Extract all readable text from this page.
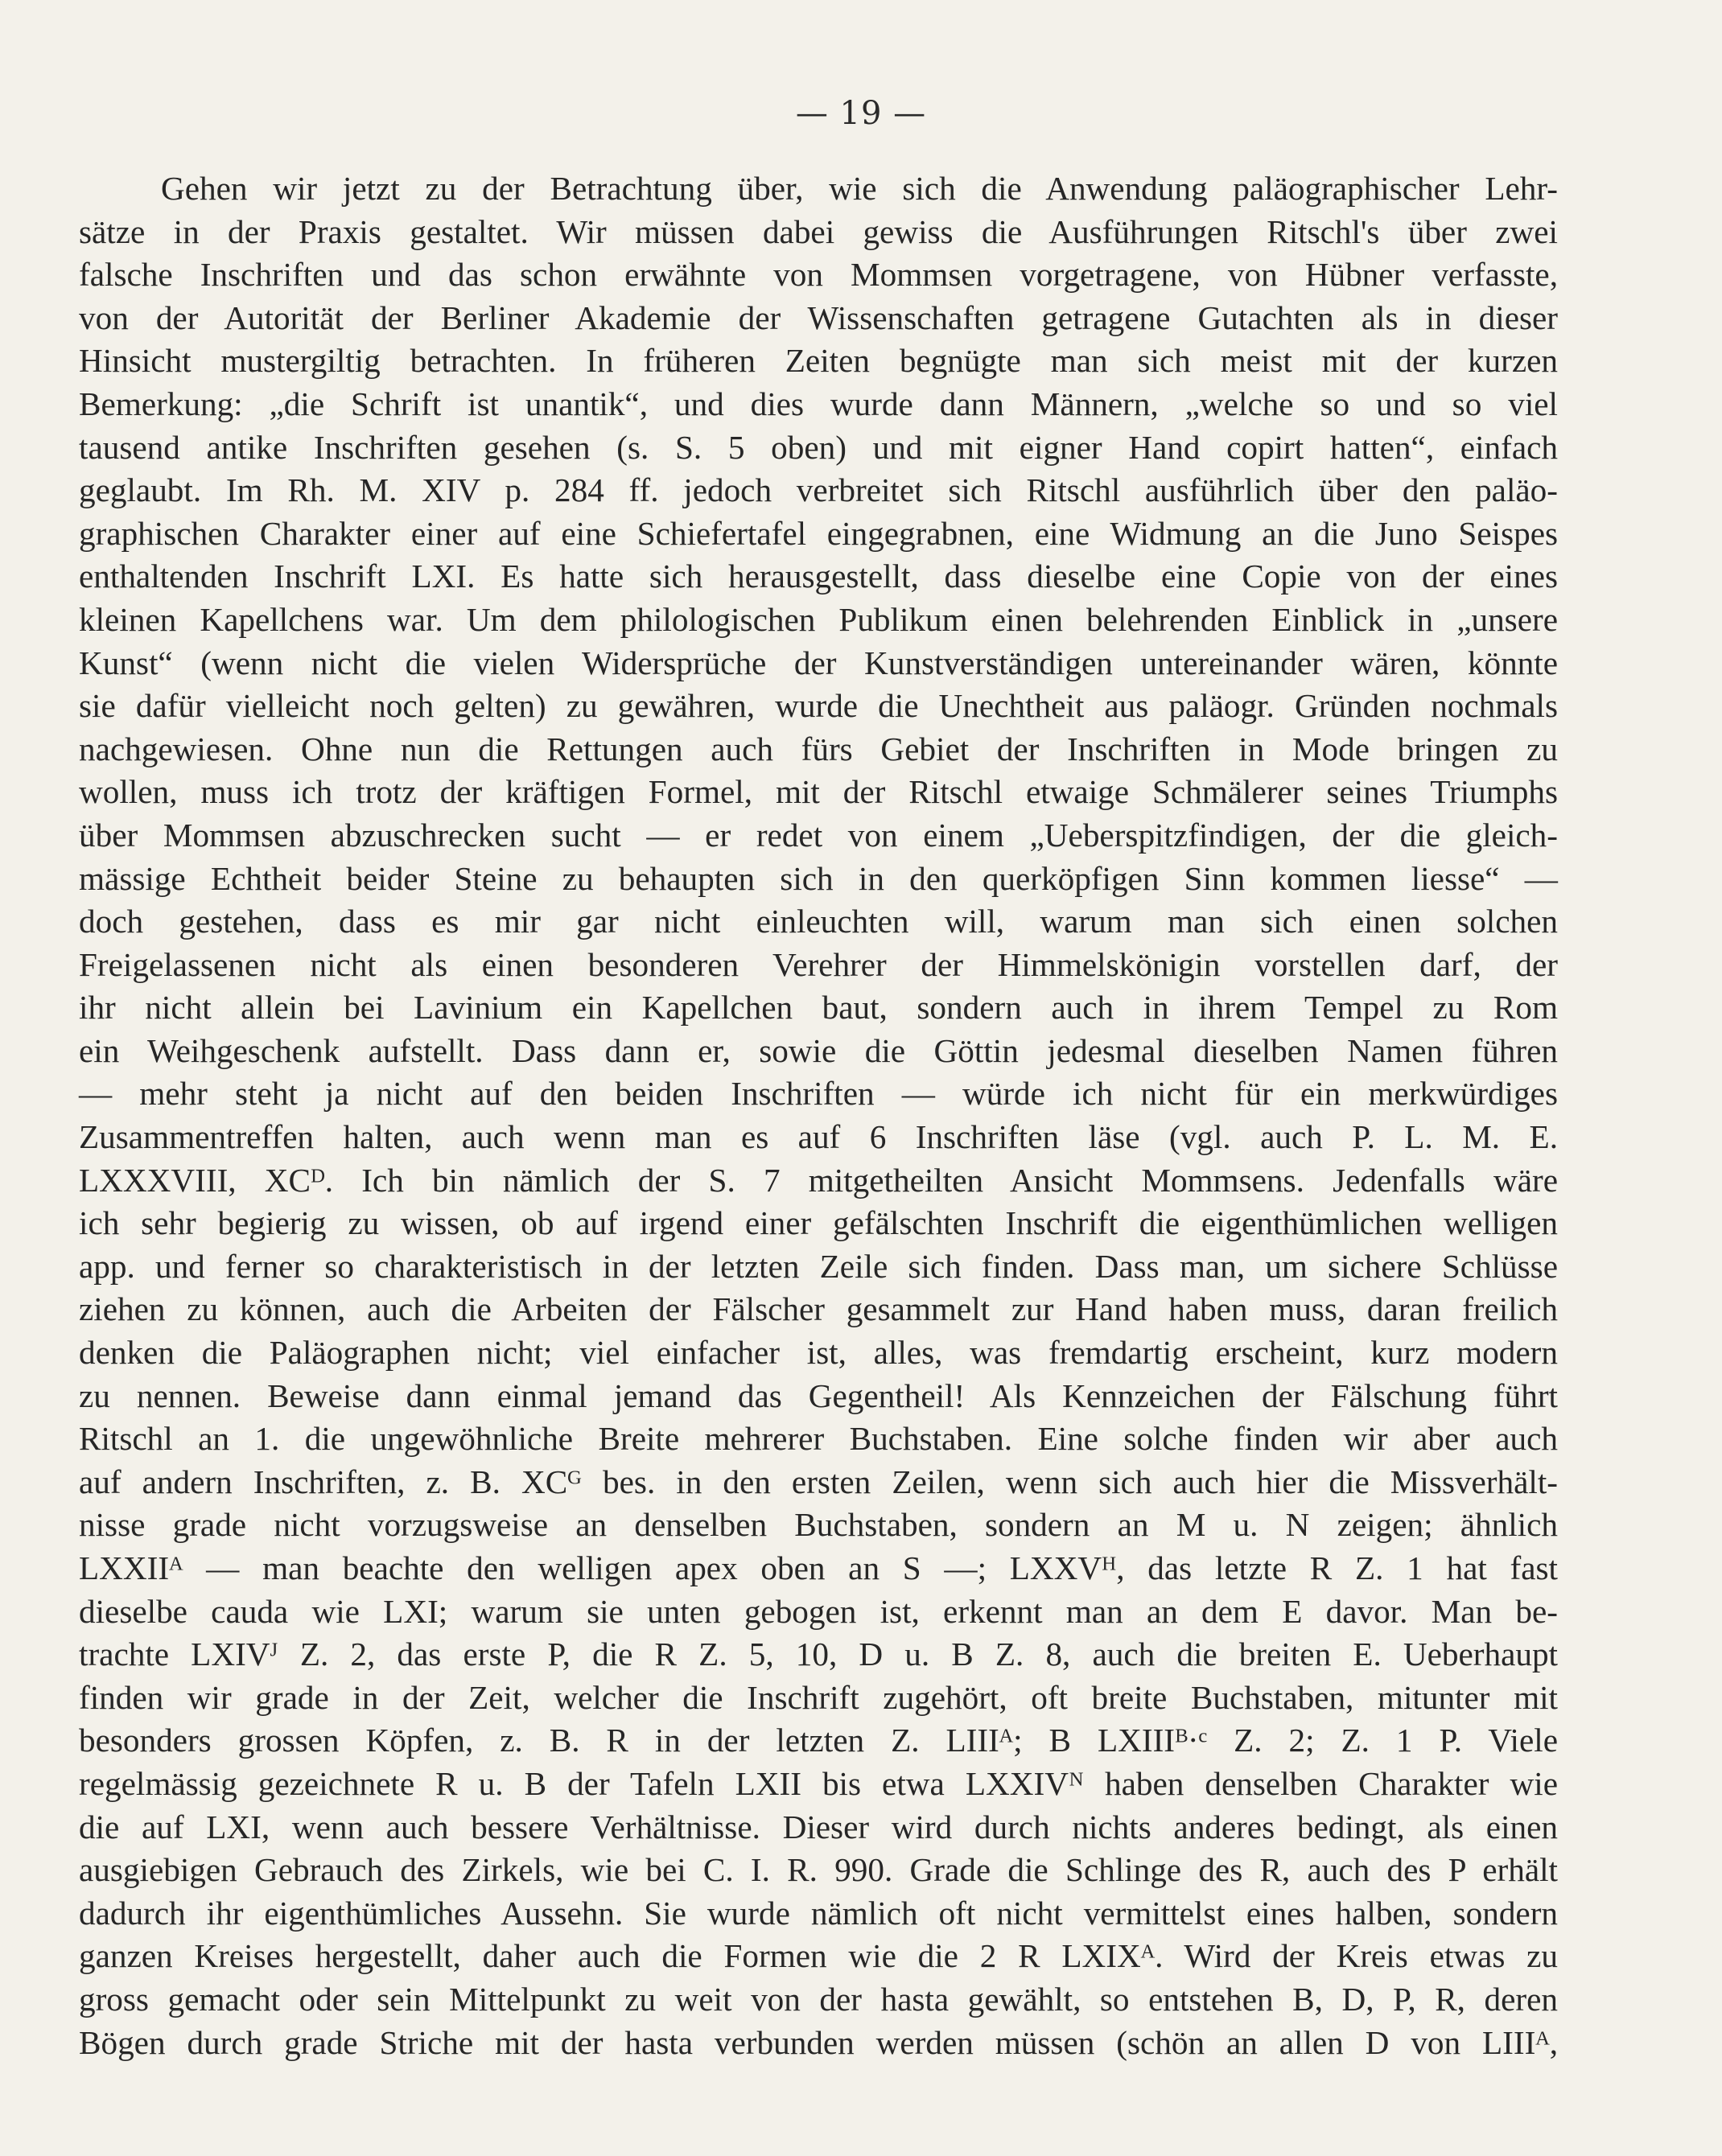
— 19 —
Gehen wir jetzt zu der Betrachtung über, wie sich die Anwendung paläographischer Lehr-
sätze in der Praxis gestaltet. Wir müssen dabei gewiss die Ausführungen Ritschl's über zwei
falsche Inschriften und das schon erwähnte von Mommsen vorgetragene, von Hübner verfasste,
von der Autorität der Berliner Akademie der Wissenschaften getragene Gutachten als in dieser
Hinsicht mustergiltig betrachten. In früheren Zeiten begnügte man sich meist mit der kurzen
Bemerkung: „die Schrift ist unantik“, und dies wurde dann Männern, „welche so und so viel
tausend antike Inschriften gesehen (s. S. 5 oben) und mit eigner Hand copirt hatten“, einfach
geglaubt. Im Rh. M. XIV p. 284 ff. jedoch verbreitet sich Ritschl ausführlich über den paläo-
graphischen Charakter einer auf eine Schiefertafel eingegrabnen, eine Widmung an die Juno Seispes
enthaltenden Inschrift LXI. Es hatte sich herausgestellt, dass dieselbe eine Copie von der eines
kleinen Kapellchens war. Um dem philologischen Publikum einen belehrenden Einblick in „unsere
Kunst“ (wenn nicht die vielen Widersprüche der Kunstverständigen untereinander wären, könnte
sie dafür vielleicht noch gelten) zu gewähren, wurde die Unechtheit aus paläogr. Gründen nochmals
nachgewiesen. Ohne nun die Rettungen auch fürs Gebiet der Inschriften in Mode bringen zu
wollen, muss ich trotz der kräftigen Formel, mit der Ritschl etwaige Schmälerer seines Triumphs
über Mommsen abzuschrecken sucht — er redet von einem „Ueberspitzfindigen, der die gleich-
mässige Echtheit beider Steine zu behaupten sich in den querköpfigen Sinn kommen liesse“ —
doch gestehen, dass es mir gar nicht einleuchten will, warum man sich einen solchen
Freigelassenen nicht als einen besonderen Verehrer der Himmelskönigin vorstellen darf, der
ihr nicht allein bei Lavinium ein Kapellchen baut, sondern auch in ihrem Tempel zu Rom
ein Weihgeschenk aufstellt. Dass dann er, sowie die Göttin jedesmal dieselben Namen führen
— mehr steht ja nicht auf den beiden Inschriften — würde ich nicht für ein merkwürdiges
Zusammentreffen halten, auch wenn man es auf 6 Inschriften läse (vgl. auch P. L. M. E.
LXXXVIII, XCᴰ. Ich bin nämlich der S. 7 mitgetheilten Ansicht Mommsens. Jedenfalls wäre
ich sehr begierig zu wissen, ob auf irgend einer gefälschten Inschrift die eigenthümlichen welligen
app. und ferner so charakteristisch in der letzten Zeile sich finden. Dass man, um sichere Schlüsse
ziehen zu können, auch die Arbeiten der Fälscher gesammelt zur Hand haben muss, daran freilich
denken die Paläographen nicht; viel einfacher ist, alles, was fremdartig erscheint, kurz modern
zu nennen. Beweise dann einmal jemand das Gegentheil! Als Kennzeichen der Fälschung führt
Ritschl an 1. die ungewöhnliche Breite mehrerer Buchstaben. Eine solche finden wir aber auch
auf andern Inschriften, z. B. XCᴳ bes. in den ersten Zeilen, wenn sich auch hier die Missverhält-
nisse grade nicht vorzugsweise an denselben Buchstaben, sondern an M u. N zeigen; ähnlich
LXXIIᴬ — man beachte den welligen apex oben an S —; LXXVᴴ, das letzte R Z. 1 hat fast
dieselbe cauda wie LXI; warum sie unten gebogen ist, erkennt man an dem E davor. Man be-
trachte LXIVᴶ Z. 2, das erste P, die R Z. 5, 10, D u. B Z. 8, auch die breiten E. Ueberhaupt
finden wir grade in der Zeit, welcher die Inschrift zugehört, oft breite Buchstaben, mitunter mit
besonders grossen Köpfen, z. B. R in der letzten Z. LIIIᴬ; B LXIIIᴮ·ᶜ Z. 2; Z. 1 P. Viele
regelmässig gezeichnete R u. B der Tafeln LXII bis etwa LXXIVᴺ haben denselben Charakter wie
die auf LXI, wenn auch bessere Verhältnisse. Dieser wird durch nichts anderes bedingt, als einen
ausgiebigen Gebrauch des Zirkels, wie bei C. I. R. 990. Grade die Schlinge des R, auch des P erhält
dadurch ihr eigenthümliches Aussehn. Sie wurde nämlich oft nicht vermittelst eines halben, sondern
ganzen Kreises hergestellt, daher auch die Formen wie die 2 R LXIXᴬ. Wird der Kreis etwas zu
gross gemacht oder sein Mittelpunkt zu weit von der hasta gewählt, so entstehen B, D, P, R, deren
Bögen durch grade Striche mit der hasta verbunden werden müssen (schön an allen D von LIIIᴬ,
